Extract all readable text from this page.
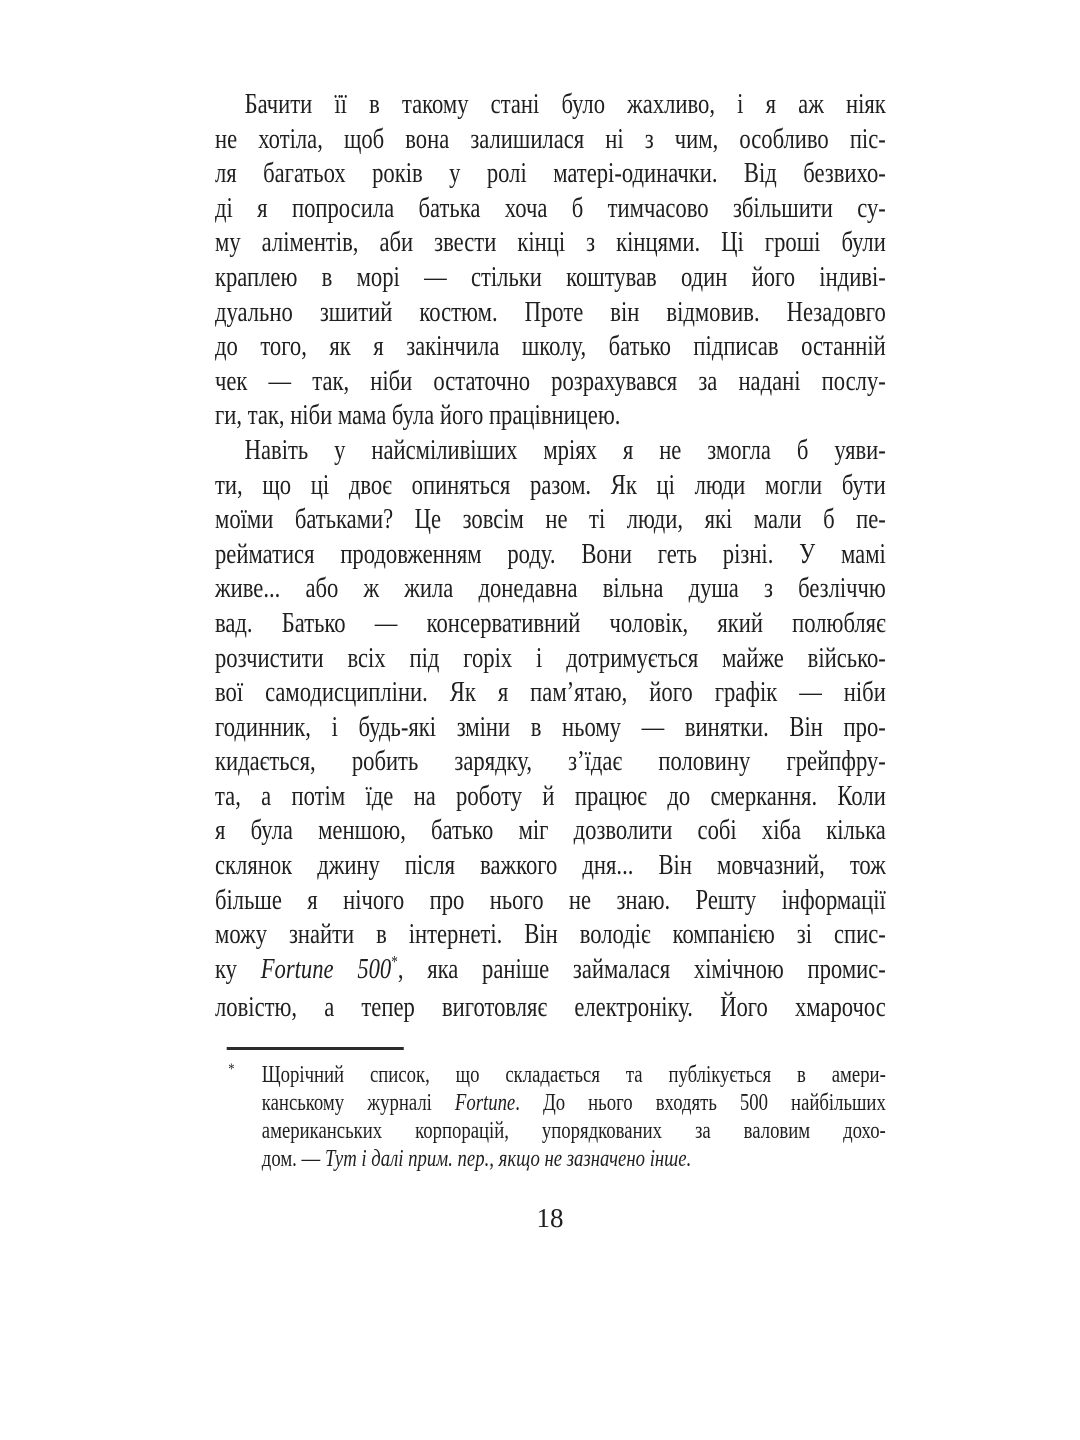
Бачити її в такому стані було жахливо, і я аж ніяк
не хотіла, щоб вона залишилася ні з чим, особливо піс-
ля багатьох років у ролі матері-одиначки. Від безвихо-
ді я попросила батька хоча б тимчасово збільшити су-
му аліментів, аби звести кінці з кінцями. Ці гроші були
краплею в морі — стільки коштував один його індиві-
дуально зшитий костюм. Проте він відмовив. Незадовго
до того, як я закінчила школу, батько підписав останній
чек — так, ніби остаточно розрахувався за надані послу-
ги, так, ніби мама була його працівницею.
Навіть у найсміливіших мріях я не змогла б уяви-
ти, що ці двоє опиняться разом. Як ці люди могли бути
моїми батьками? Це зовсім не ті люди, які мали б пе-
рейматися продовженням роду. Вони геть різні. У мамі
живе... або ж жила донедавна вільна душа з безліччю
вад. Батько — консервативний чоловік, який полюбляє
розчистити всіх під горіх і дотримується майже військо-
вої самодисципліни. Як я пам’ятаю, його графік — ніби
годинник, і будь-які зміни в ньому — винятки. Він про-
кидається, робить зарядку, з’їдає половину грейпфру-
та, а потім їде на роботу й працює до смеркання. Коли
я була меншою, батько міг дозволити собі хіба кілька
склянок джину після важкого дня... Він мовчазний, тож
більше я нічого про нього не знаю. Решту інформації
можу знайти в інтернеті. Він володіє компанією зі спис-
ку Fortune 500*, яка раніше займалася хімічною промис-
ловістю, а тепер виготовляє електроніку. Його хмарочос
* Щорічний список, що складається та публікується в амери-
канському журналі Fortune. До нього входять 500 найбільших
американських корпорацій, упорядкованих за валовим дохо-
дом. — Тут і далі прим. пер., якщо не зазначено інше.
18
